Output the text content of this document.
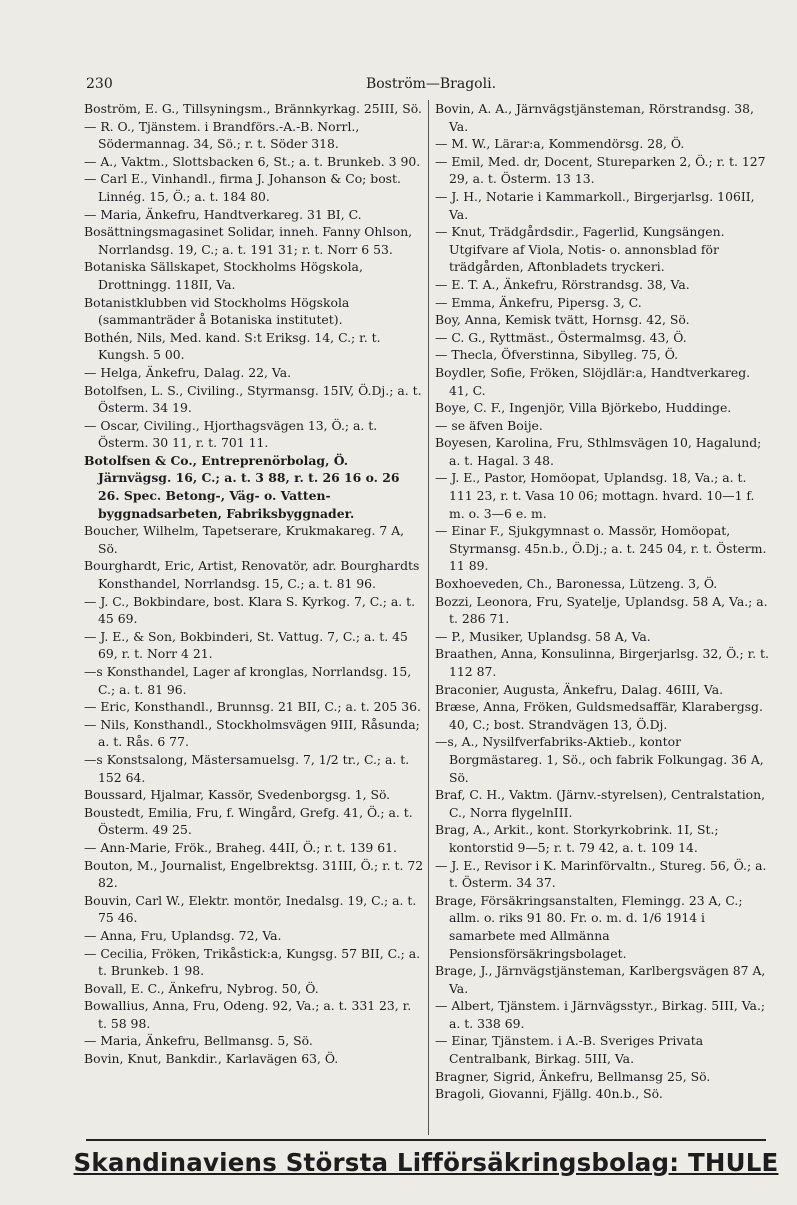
230	Boström—Bragoli.
Boström, E. G., Tillsyningsm., Brännkyrkag. 25III, Sö.
— R. O., Tjänstem. i Brandförs.-A.-B. Norrl., Södermannag. 34, Sö.; r. t. Söder 318.
— A., Vaktm., Slottsbacken 6, St.; a. t. Brunkeb. 3 90.
— Carl E., Vinhandl., firma J. Johanson & Co; bost. Linnég. 15, Ö.; a. t. 184 80.
— Maria, Änkefru, Handtverkareg. 31 BI, C.
Bosättningsmagasinet Solidar, inneh. Fanny Ohlson, Norrlandsg. 19, C.; a. t. 191 31; r. t. Norr 6 53.
Botaniska Sällskapet, Stockholms Högskola, Drottningg. 118II, Va.
Botanistklubben vid Stockholms Högskola (sammanträder å Botaniska institutet).
Bothén, Nils, Med. kand. S:t Eriksg. 14, C.; r. t. Kungsh. 5 00.
— Helga, Änkefru, Dalag. 22, Va.
Botolfsen, L. S., Civiling., Styrmansg. 15IV, Ö.Dj.; a. t. Österm. 34 19.
— Oscar, Civiling., Hjorthagsvägen 13, Ö.; a. t. Österm. 30 11, r. t. 701 11.
Botolfsen & Co., Entreprenörbolag, Ö. Järnvägsg. 16, C.; a. t. 3 88, r. t. 26 16 o. 26 26. Spec. Betong-, Väg- o. Vatten-byggnadsarbeten, Fabriksbyggnader.
Boucher, Wilhelm, Tapetserare, Krukmakareg. 7 A, Sö.
Bourghardt, Eric, Artist, Renovatör, adr. Bourghardts Konsthandel, Norrlandsg. 15, C.; a. t. 81 96.
— J. C., Bokbindare, bost. Klara S. Kyrkog. 7, C.; a. t. 45 69.
— J. E., & Son, Bokbinderi, St. Vattug. 7, C.; a. t. 45 69, r. t. Norr 4 21.
—s Konsthandel, Lager af kronglas, Norrlandsg. 15, C.; a. t. 81 96.
— Eric, Konsthandl., Brunnsg. 21 BII, C.; a. t. 205 36.
— Nils, Konsthandl., Stockholmsvägen 9III, Råsunda; a. t. Rås. 6 77.
—s Konstsalong, Mästersamuelsg. 7, 1/2 tr., C.; a. t. 152 64.
Boussard, Hjalmar, Kassör, Svedenborgsg. 1, Sö.
Boustedt, Emilia, Fru, f. Wingård, Grefg. 41, Ö.; a. t. Österm. 49 25.
— Ann-Marie, Frök., Braheg. 44II, Ö.; r. t. 139 61.
Bouton, M., Journalist, Engelbrektsg. 31III, Ö.; r. t. 72 82.
Bouvin, Carl W., Elektr. montör, Inedalsg. 19, C.; a. t. 75 46.
— Anna, Fru, Uplandsg. 72, Va.
— Cecilia, Fröken, Trikåstick:a, Kungsg. 57 BII, C.; a. t. Brunkeb. 1 98.
Bovall, E. C., Änkefru, Nybrog. 50, Ö.
Bowallius, Anna, Fru, Odeng. 92, Va.; a. t. 331 23, r. t. 58 98.
— Maria, Änkefru, Bellmansg. 5, Sö.
Bovin, Knut, Bankdir., Karlavägen 63, Ö.
Bovin, A. A., Järnvägstjänsteman, Rörstrandsg. 38, Va.
— M. W., Lärar:a, Kommendörsg. 28, Ö.
— Emil, Med. dr, Docent, Stureparken 2, Ö.; r. t. 127 29, a. t. Österm. 13 13.
— J. H., Notarie i Kammarkoll., Birgerjarlsg. 106II, Va.
— Knut, Trädgårdsdir., Fagerlid, Kungsängen. Utgifvare af Viola, Notis- o. annonsblad för trädgården, Aftonbladets tryckeri.
— E. T. A., Änkefru, Rörstrandsg. 38, Va.
— Emma, Änkefru, Pipersg. 3, C.
Boy, Anna, Kemisk tvätt, Hornsg. 42, Sö.
— C. G., Ryttmäst., Östermalmsg. 43, Ö.
— Thecla, Öfverstinna, Sibylleg. 75, Ö.
Boydler, Sofie, Fröken, Slöjdlär:a, Handtverkareg. 41, C.
Boye, C. F., Ingenjör, Villa Björkebo, Huddinge.
— se äfven Boije.
Boyesen, Karolina, Fru, Sthlmsvägen 10, Hagalund; a. t. Hagal. 3 48.
— J. E., Pastor, Homöopat, Uplandsg. 18, Va.; a. t. 111 23, r. t. Vasa 10 06; mottagn. hvard. 10—1 f. m. o. 3—6 e. m.
— Einar F., Sjukgymnast o. Massör, Homöopat, Styrmansg. 45n.b., Ö.Dj.; a. t. 245 04, r. t. Österm. 11 89.
Boxhoeveden, Ch., Baronessa, Lützeng. 3, Ö.
Bozzi, Leonora, Fru, Syatelje, Uplandsg. 58 A, Va.; a. t. 286 71.
— P., Musiker, Uplandsg. 58 A, Va.
Braathen, Anna, Konsulinna, Birgerjarlsg. 32, Ö.; r. t. 112 87.
Braconier, Augusta, Änkefru, Dalag. 46III, Va.
Bræse, Anna, Fröken, Guldsmedsaffär, Klarabergsg. 40, C.; bost. Strandvägen 13, Ö.Dj.
—s, A., Nysilfverfabriks-Aktieb., kontor Borgmästareg. 1, Sö., och fabrik Folkungag. 36 A, Sö.
Braf, C. H., Vaktm. (Järnv.-styrelsen), Centralstation, C., Norra flygelnIII.
Brag, A., Arkit., kont. Storkyrkobrink. 1I, St.; kontorstid 9—5; r. t. 79 42, a. t. 109 14.
— J. E., Revisor i K. Marinförvaltn., Stureg. 56, Ö.; a. t. Österm. 34 37.
Brage, Försäkringsanstalten, Flemingg. 23 A, C.; allm. o. riks 91 80. Fr. o. m. d. 1/6 1914 i samarbete med Allmänna Pensionsförsäkringsbolaget.
Brage, J., Järnvägstjänsteman, Karlbergsvägen 87 A, Va.
— Albert, Tjänstem. i Järnvägsstyr., Birkag. 5III, Va.; a. t. 338 69.
— Einar, Tjänstem. i A.-B. Sveriges Privata Centralbank, Birkag. 5III, Va.
Bragner, Sigrid, Änkefru, Bellmansg 25, Sö.
Bragoli, Giovanni, Fjällg. 40n.b., Sö.
Skandinaviens Största Lifförsäkringsbolag: THULE
